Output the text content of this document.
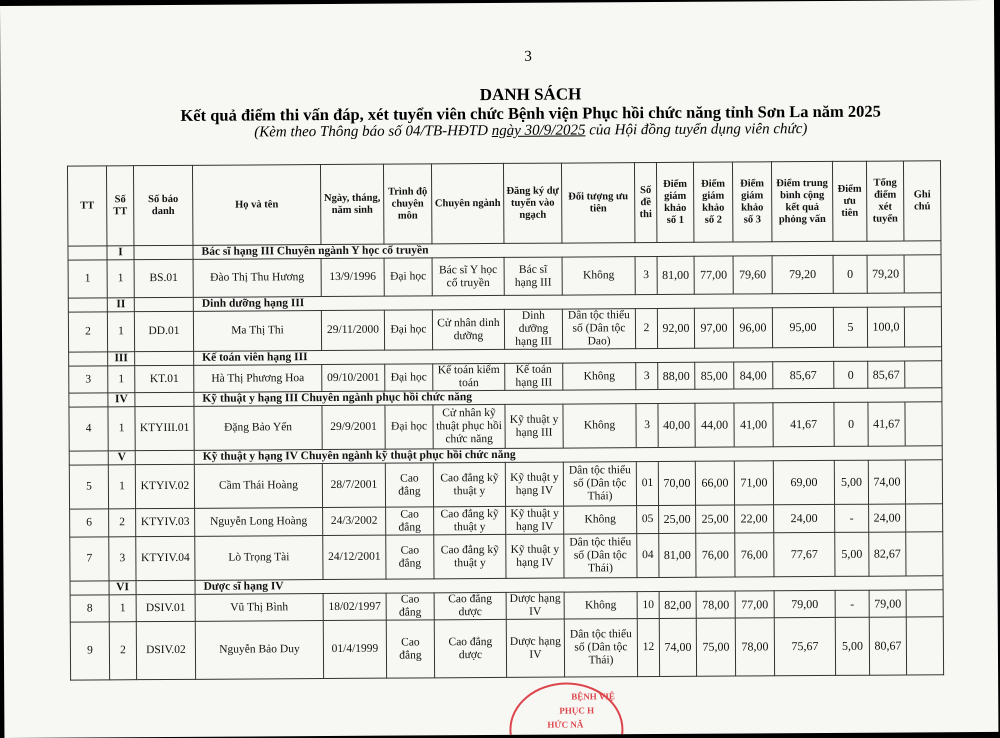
3
DANH SÁCH
Kết quả điểm thi vấn đáp, xét tuyển viên chức Bệnh viện Phục hồi chức năng tỉnh Sơn La năm 2025
(Kèm theo Thông báo số 04/TB-HĐTD ngày 30/9/2025 của Hội đồng tuyển dụng viên chức)
TT	Số TT	Số báo danh	Họ và tên	Ngày, tháng, năm sinh	Trình độ chuyên môn	Chuyên ngành	Đăng ký dự tuyển vào ngạch	Đối tượng ưu tiên	Số đề thi	Điểm giám khảo số 1	Điểm giám khảo số 2	Điểm giám khảo số 3	Điểm trung bình cộng kết quả phỏng vấn	Điểm ưu tiên	Tổng điểm xét tuyển	Ghi chú
	I		Bác sĩ hạng III Chuyên ngành Y học cổ truyền													
1	1	BS.01	Đào Thị Thu Hương	13/9/1996	Đại học	Bác sĩ Y học cổ truyền	Bác sĩ hạng III	Không	3	81,00	77,00	79,60	79,20	0	79,20	
	II		Dinh dưỡng hạng III													
2	1	DD.01	Ma Thị Thi	29/11/2000	Đại học	Cử nhân dinh dưỡng	Dinh dưỡng hạng III	Dân tộc thiểu số (Dân tộc Dao)	2	92,00	97,00	96,00	95,00	5	100,0	
	III		Kế toán viên hạng III													
3	1	KT.01	Hà Thị Phương Hoa	09/10/2001	Đại học	Kế toán kiểm toán	Kế toán hạng III	Không	3	88,00	85,00	84,00	85,67	0	85,67	
	IV		Kỹ thuật y hạng III Chuyên ngành phục hồi chức năng													
4	1	KTYIII.01	Đặng Bảo Yến	29/9/2001	Đại học	Cử nhân kỹ thuật phục hồi chức năng	Kỹ thuật y hạng III	Không	3	40,00	44,00	41,00	41,67	0	41,67	
	V		Kỹ thuật y hạng IV Chuyên ngành kỹ thuật phục hồi chức năng													
5	1	KTYIV.02	Cầm Thái Hoàng	28/7/2001	Cao đẳng	Cao đẳng kỹ thuật y	Kỹ thuật y hạng IV	Dân tộc thiểu số (Dân tộc Thái)	01	70,00	66,00	71,00	69,00	5,00	74,00	
6	2	KTYIV.03	Nguyễn Long Hoàng	24/3/2002	Cao đẳng	Cao đẳng kỹ thuật y	Kỹ thuật y hạng IV	Không	05	25,00	25,00	22,00	24,00	-	24,00	
7	3	KTYIV.04	Lò Trọng Tài	24/12/2001	Cao đẳng	Cao đẳng kỹ thuật y	Kỹ thuật y hạng IV	Dân tộc thiểu số (Dân tộc Thái)	04	81,00	76,00	76,00	77,67	5,00	82,67	
	VI		Dược sĩ hạng IV													
8	1	DSIV.01	Vũ Thị Bình	18/02/1997	Cao đẳng	Cao đẳng dược	Dược hạng IV	Không	10	82,00	78,00	77,00	79,00	-	79,00	
9	2	DSIV.02	Nguyễn Bảo Duy	01/4/1999	Cao đẳng	Cao đẳng dược	Dược hạng IV	Dân tộc thiểu số (Dân tộc Thái)	12	74,00	75,00	78,00	75,67	5,00	80,67	
BỆNH VIỆ
PHỤC H
HỨC NĂ
